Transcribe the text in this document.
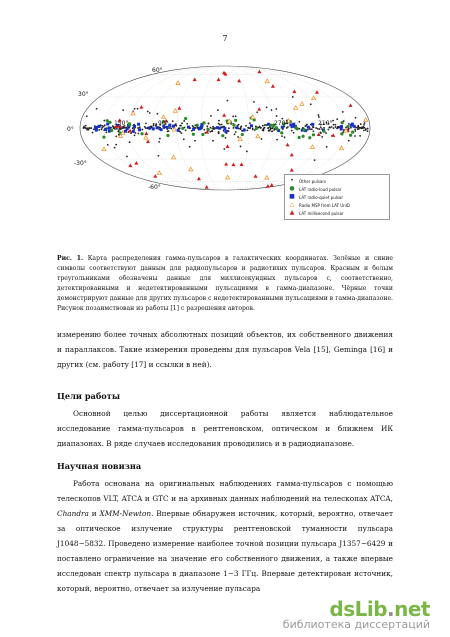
7
60°
30°
0°
-30°
-60°
150°	90°	270°	210°
•	Other pulsars
●	LAT radio-loud pulsar
■ LAT radio-quiet pulsar
△	Radio MSP from LAT UnID
▲	LAT millisecond pulsar
Рис. 1. Карта распределения гамма-пульсаров в галактических координатах. Зелёные и синие символы соответствуют данным для радиопульсаров и радиотихих пульсаров. Красным и белым треугольниками обозначены данные для миллисекундных пульсаров с, соответственно, детектированными и недетектированными пульсациями в гамма-диапазоне. Чёрные точки демонстрируют данные для других пульсаров с недетектированными пульсациями в гамма-диапазоне. Рисунок позаимствован из работы [1] с разрешения авторов.

измерению более точных абсолютных позиций объектов, их собственного движения и параллаксов. Такие измерения проведены для пульсаров Vela [15], Geminga [16] и других (см. работу [17] и ссылки в ней).

Цели работы

Основной целью диссертационной работы является наблюдательное исследование гамма-пульсаров в рентгеновском, оптическом и ближнем ИК диапазонах. В ряде случаев исследования проводились и в радиодиапазоне.

Научная новизна

Работа основана на оригинальных наблюдениях гамма-пульсаров с помощью телескопов VLT, ATCA и GTC и на архивных данных наблюдений на телескопах ATCA, Chandra и XMM-Newton. Впервые обнаружен источник, который, вероятно, отвечает за оптическое излучение структуры рентгеновской туманности пульсара J1048−5832. Проведено измерение наиболее точной позиции пульсара J1357−6429 и поставлено ограничение на значение его собственного движения, а также впервые исследован спектр пульсара в диапазоне 1−3 ГГц. Впервые детектирован источник, который, вероятно, отвечает за излучение пульсара

dsLib.net
библиотека диссертаций
